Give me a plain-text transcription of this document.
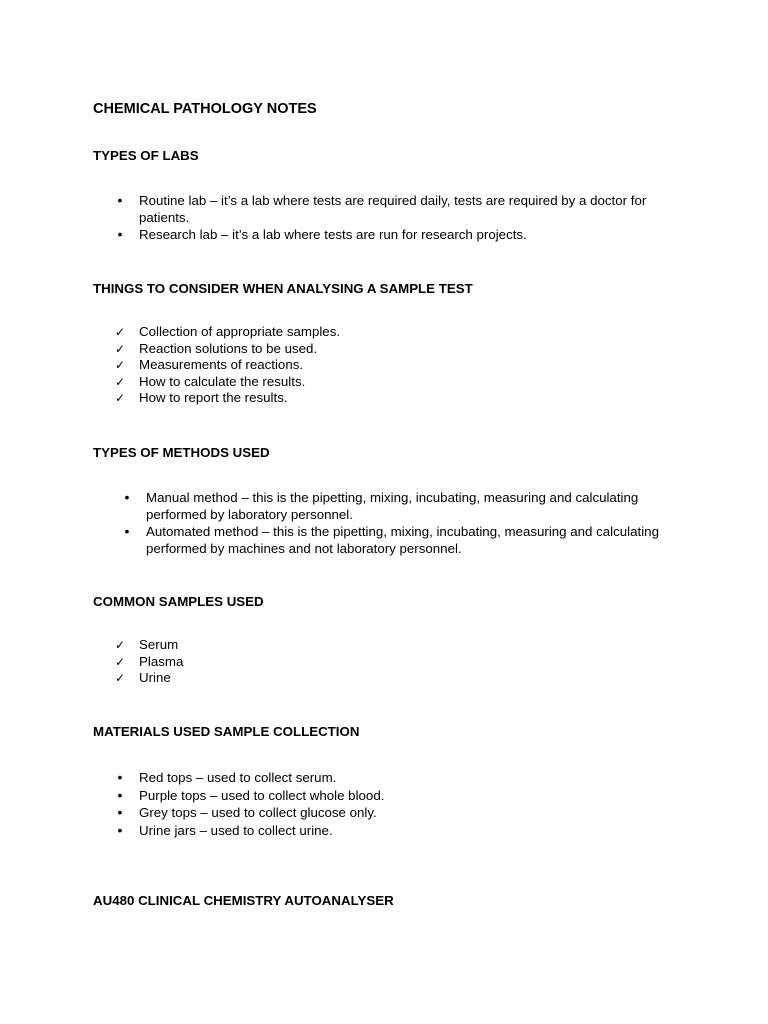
CHEMICAL PATHOLOGY NOTES
TYPES OF LABS
•	Routine lab – it’s a lab where tests are required daily, tests are required by a doctor for patients.
•	Research lab – it’s a lab where tests are run for research projects.
THINGS TO CONSIDER WHEN ANALYSING A SAMPLE TEST
✓ Collection of appropriate samples.
✓ Reaction solutions to be used.
✓ Measurements of reactions.
✓ How to calculate the results.
✓ How to report the results.
TYPES OF METHODS USED
•	Manual method – this is the pipetting, mixing, incubating, measuring and calculating performed by laboratory personnel.
•	Automated method – this is the pipetting, mixing, incubating, measuring and calculating performed by machines and not laboratory personnel.
COMMON SAMPLES USED
✓ Serum
✓ Plasma
✓ Urine
MATERIALS USED SAMPLE COLLECTION
•	Red tops – used to collect serum.
•	Purple tops – used to collect whole blood.
•	Grey tops – used to collect glucose only.
•	Urine jars – used to collect urine.
AU480 CLINICAL CHEMISTRY AUTOANALYSER
